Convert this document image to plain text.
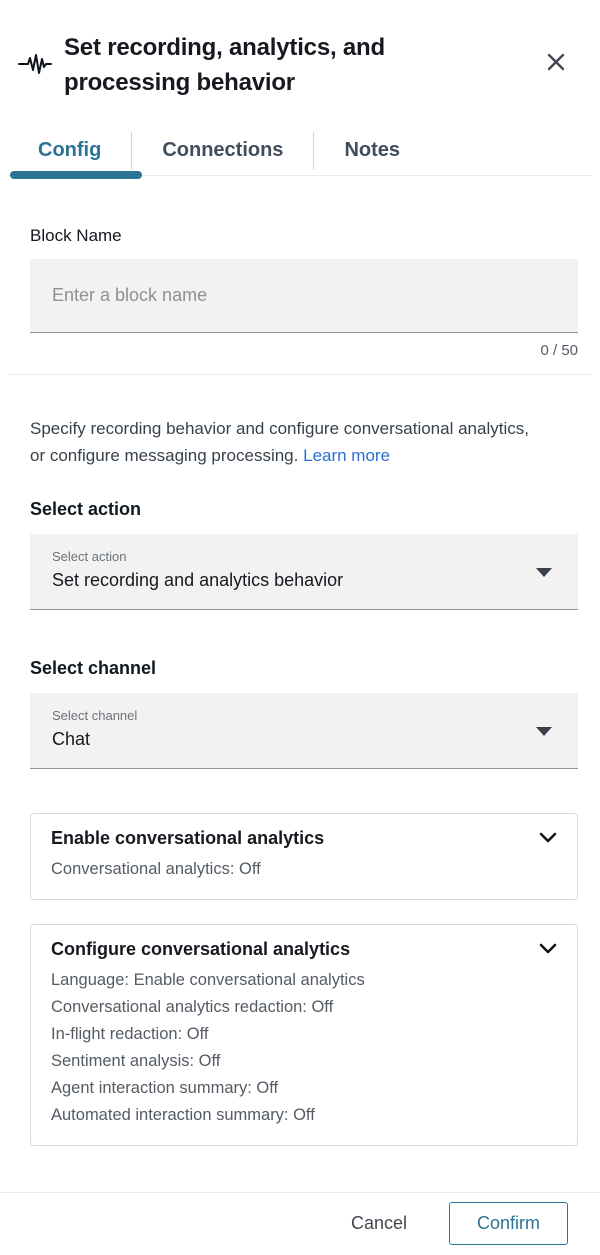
Set recording, analytics, and processing behavior
Config	Connections	Notes
Block Name
Enter a block name
0 / 50

Specify recording behavior and configure conversational analytics, or configure messaging processing. Learn more

Select action
Select action
Set recording and analytics behavior
Select channel
Select channel
Chat
Enable conversational analytics
Conversational analytics: Off
Configure conversational analytics
Language: Enable conversational analytics
Conversational analytics redaction: Off
In-flight redaction: Off
Sentiment analysis: Off
Agent interaction summary: Off
Automated interaction summary: Off
Cancel	Confirm
